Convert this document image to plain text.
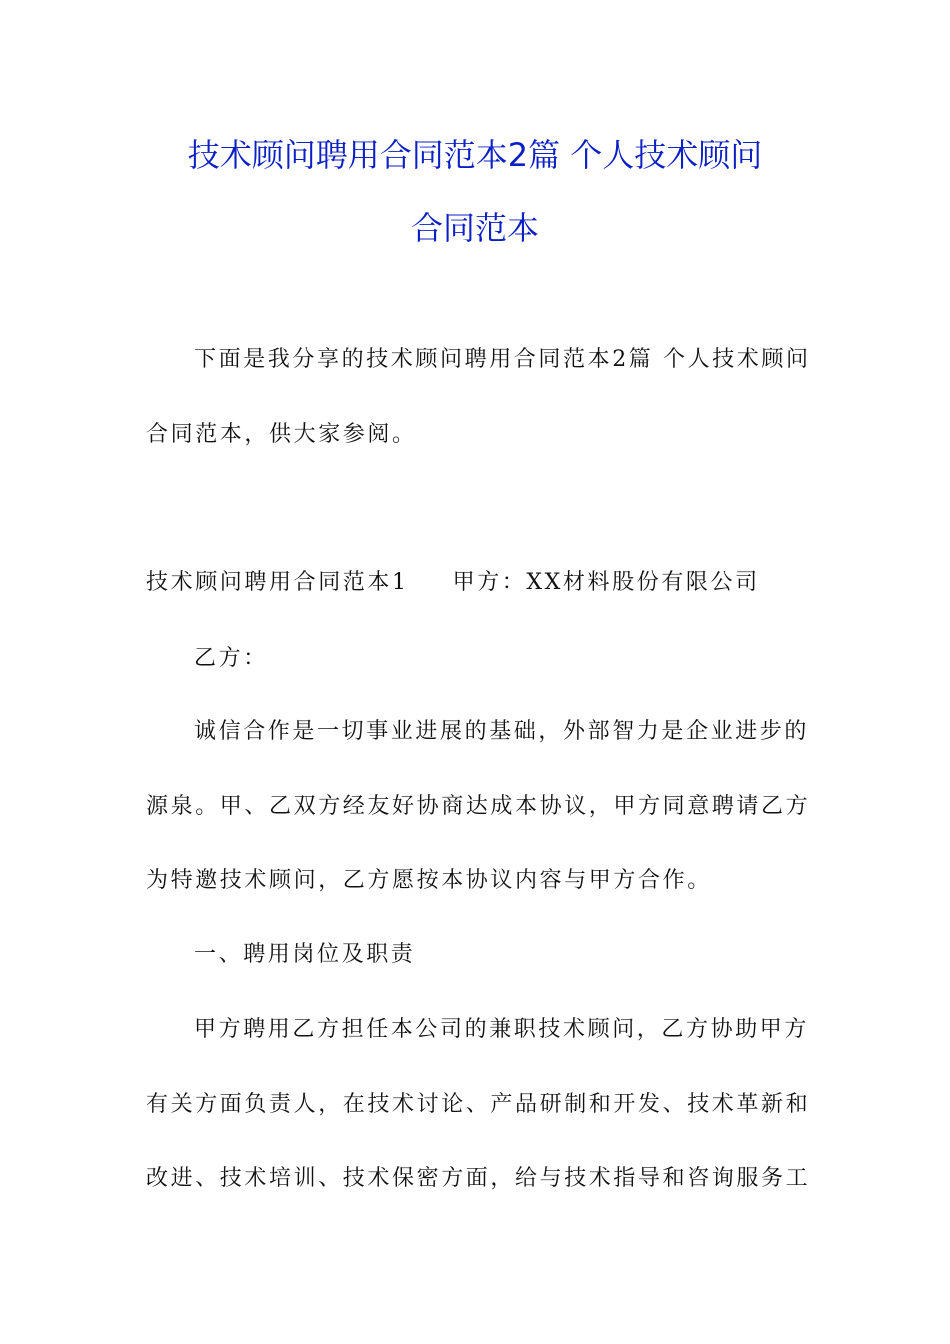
技术顾问聘用合同范本2篇 个人技术顾问
合同范本
下面是我分享的技术顾问聘用合同范本2篇 个人技术顾问
合同范本，供大家参阅。
技术顾问聘用合同范本1 甲方：XX材料股份有限公司
乙方：
诚信合作是一切事业进展的基础，外部智力是企业进步的
源泉。甲、乙双方经友好协商达成本协议，甲方同意聘请乙方
为特邀技术顾问，乙方愿按本协议内容与甲方合作。
一、聘用岗位及职责
甲方聘用乙方担任本公司的兼职技术顾问，乙方协助甲方
有关方面负责人，在技术讨论、产品研制和开发、技术革新和
改进、技术培训、技术保密方面，给与技术指导和咨询服务工
